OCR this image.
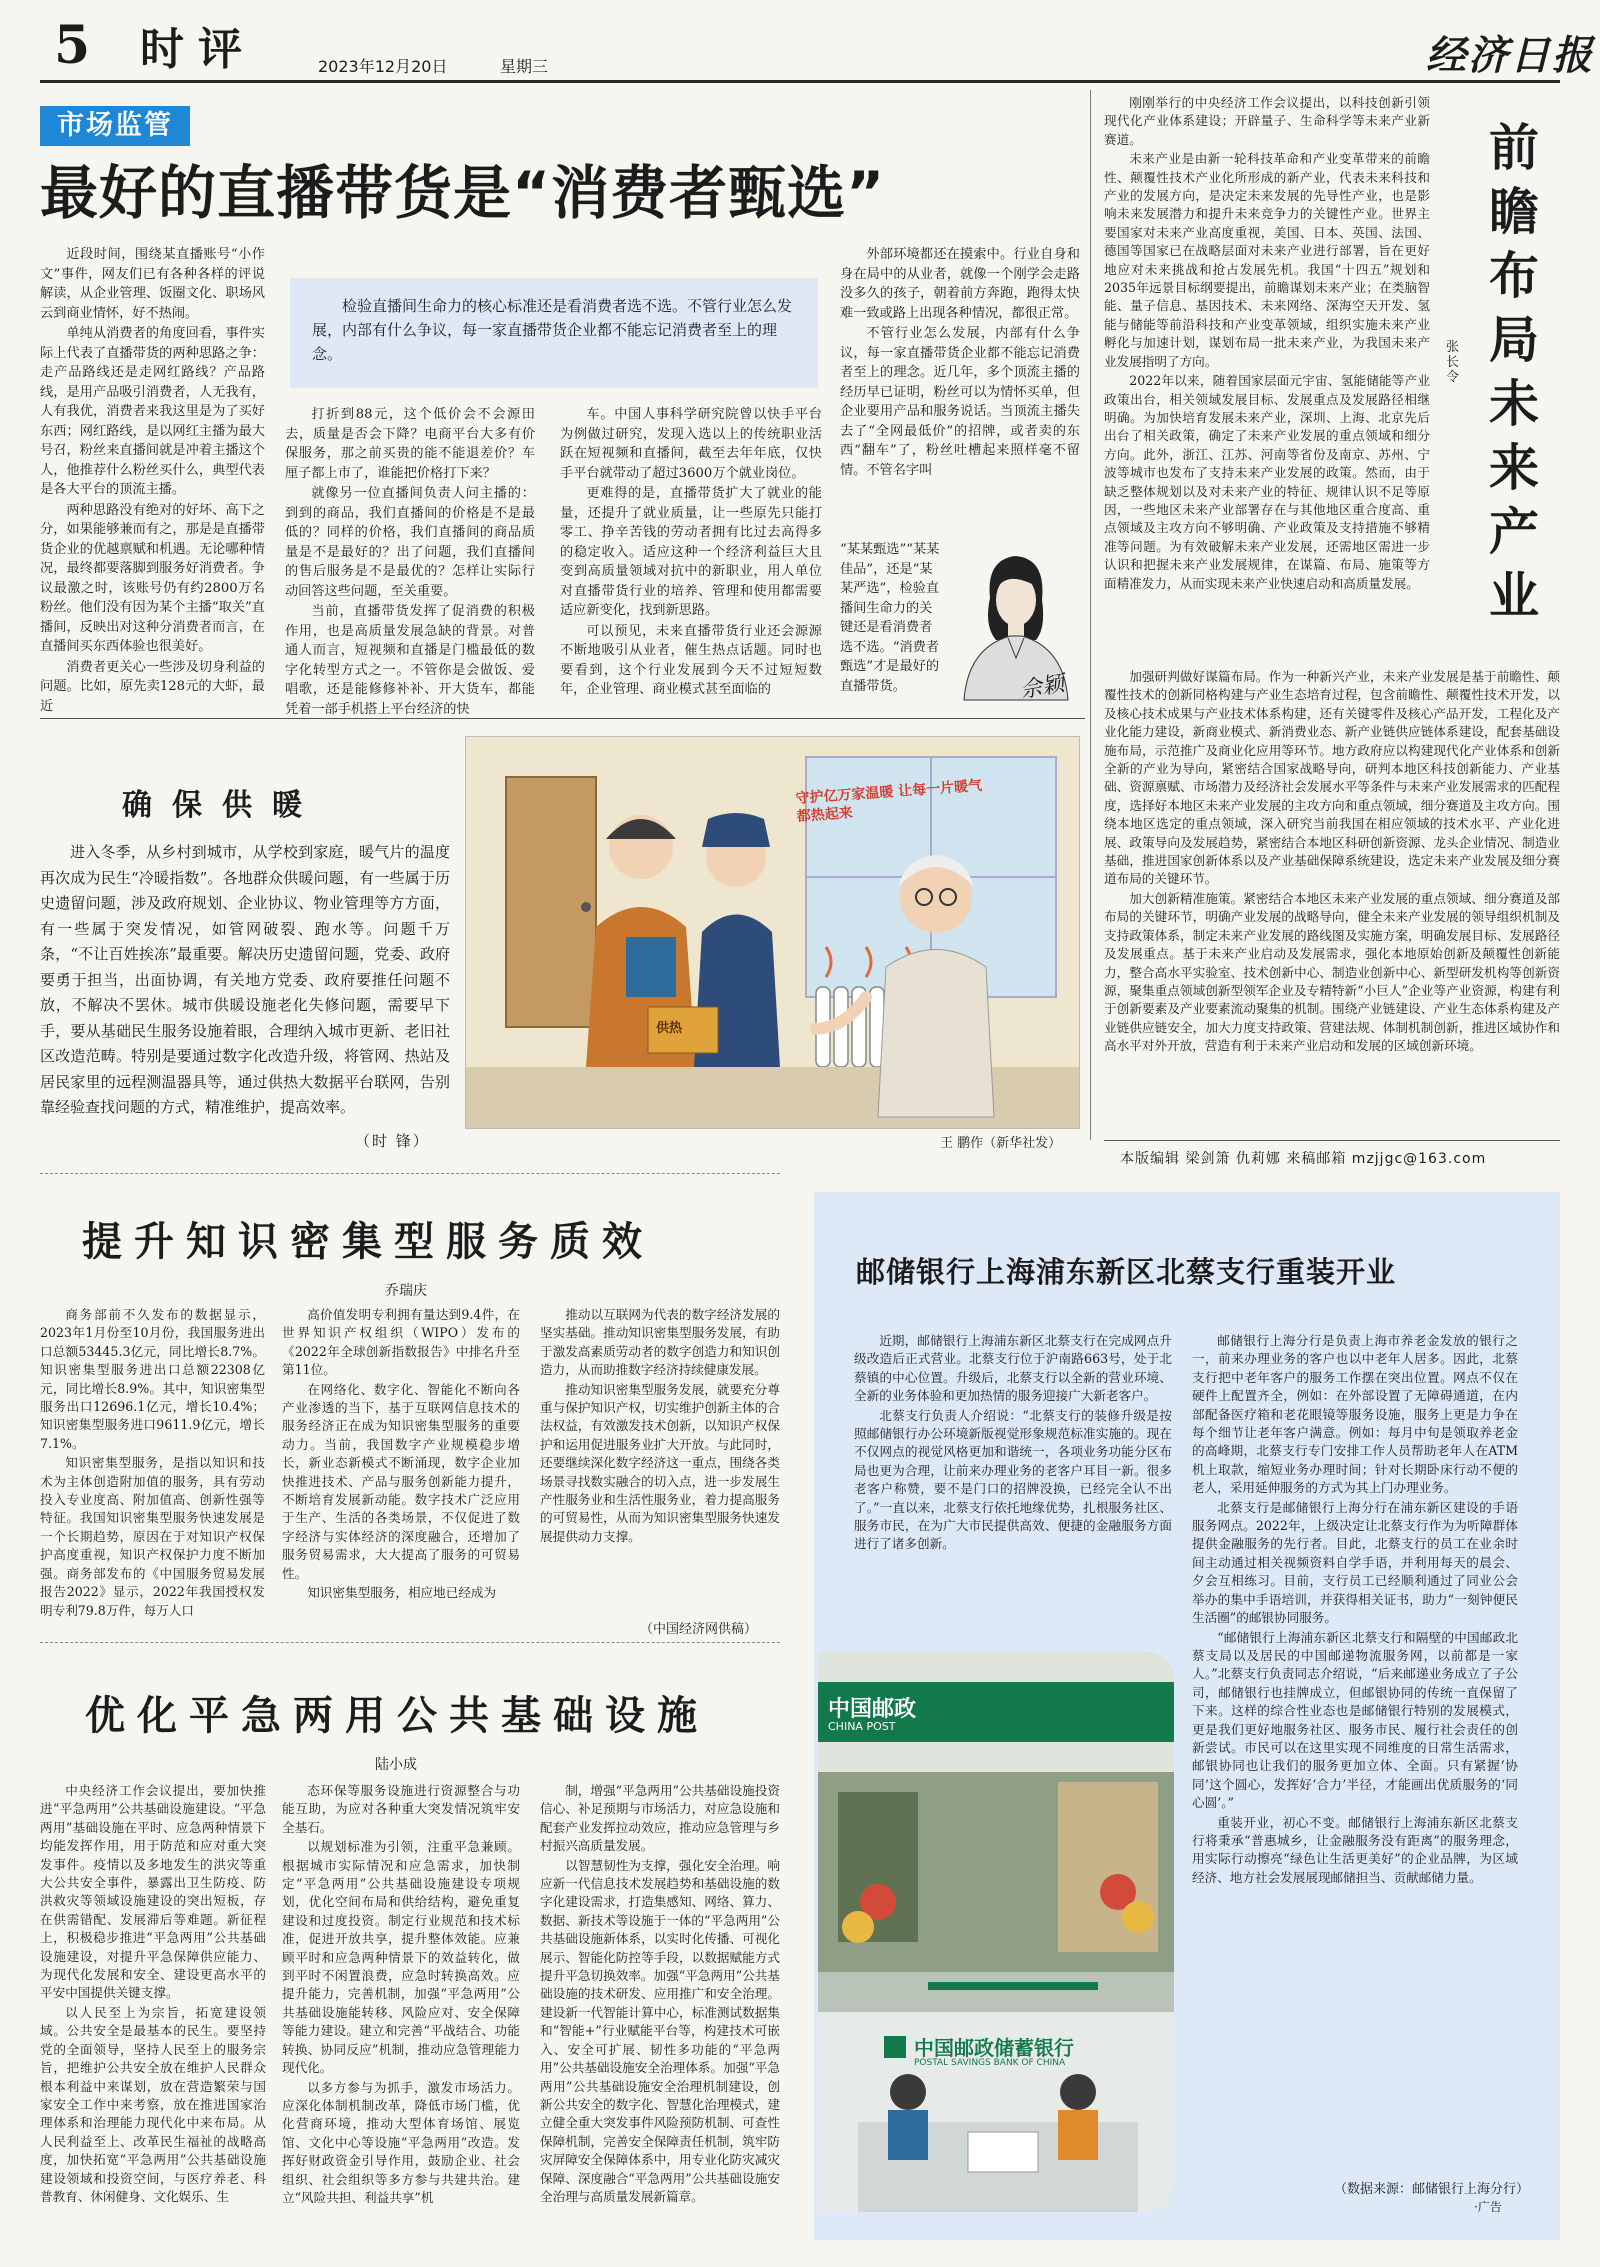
5 时评	2023年12月20日	星期三	经济日报
市场监管
最好的直播带货是“消费者甄选”
检验直播间生命力的核心标准还是看消费者选不选。不管行业怎么发展，内部有什么争议，每一家直播带货企业都不能忘记消费者至上的理念。

近段时间，围绕某直播账号“小作文”事件，网友们已有各种各样的评说解读，从企业管理、饭圈文化、职场风云到商业情怀，好不热闹。

单纯从消费者的角度回看，事件实际上代表了直播带货的两种思路之争：走产品路线还是走网红路线？产品路线，是用产品吸引消费者，人无我有，人有我优，消费者来我这里是为了买好东西；网红路线，是以网红主播为最大号召，粉丝来直播间就是冲着主播这个人，他推荐什么粉丝买什么，典型代表是各大平台的顶流主播。

两种思路没有绝对的好坏、高下之分，如果能够兼而有之，那是是直播带货企业的优越禀赋和机遇。无论哪种情况，最终都要落脚到服务好消费者。争议最激之时，该账号仍有约2800万名粉丝。他们没有因为某个主播“取关”直播间，反映出对这种分消费者而言，在直播间买东西体验也很美好。

消费者更关心一些涉及切身利益的问题。比如，原先卖128元的大虾，最近

打折到88元，这个低价会不会源田去，质量是否会下降？电商平台大多有价保服务，那之前买贵的能不能退差价？车厘子都上市了，谁能把价格打下来？

就像另一位直播间负责人问主播的：到到的商品，我们直播间的价格是不是最低的？同样的价格，我们直播间的商品质量是不是最好的？出了问题，我们直播间的售后服务是不是最优的？怎样让实际行动回答这些问题，至关重要。

当前，直播带货发挥了促消费的积极作用，也是高质量发展急缺的背景。对普通人而言，短视频和直播是门槛最低的数字化转型方式之一。不管你是会做饭、爱唱歌，还是能修修补补、开大货车，都能凭着一部手机搭上平台经济的快

车。中国人事科学研究院曾以快手平台为例做过研究，发现入选以上的传统职业活跃在短视频和直播间，截至去年年底，仅快手平台就带动了超过3600万个就业岗位。

更难得的是，直播带货扩大了就业的能量，还提升了就业质量，让一些原先只能打零工、挣辛苦钱的劳动者拥有比过去高得多的稳定收入。适应这种一个经济利益巨大且变到高质量领域对抗中的新职业，用人单位对直播带货行业的培养、管理和使用都需要适应新变化，找到新思路。

可以预见，未来直播带货行业还会源源不断地吸引从业者，催生热点话题。同时也要看到，这个行业发展到今天不过短短数年，企业管理、商业模式甚至面临的

外部环境都还在摸索中。行业自身和身在局中的从业者，就像一个刚学会走路没多久的孩子，朝着前方奔跑，跑得太快难一致或路上出现各种情况，都很正常。

不管行业怎么发展，内部有什么争议，每一家直播带货企业都不能忘记消费者至上的理念。近几年，多个顶流主播的经历早已证明，粉丝可以为情怀买单，但企业要用产品和服务说话。当顶流主播失去了“全网最低价”的招牌，或者卖的东西“翻车”了，粉丝吐槽起来照样毫不留情。不管名字叫

“某某甄选”“某某佳品”，还是“某某严选”，检验直播间生命力的关键还是看消费者选不选。“消费者甄选”才是最好的直播带货。	佘颖
确保供暖

进入冬季，从乡村到城市，从学校到家庭，暖气片的温度再次成为民生“冷暖指数”。各地群众供暖问题，有一些属于历史遗留问题，涉及政府规划、企业协议、物业管理等方方面，有一些属于突发情况，如管网破裂、跑水等。问题千万条，“不让百姓挨冻”最重要。解决历史遗留问题，党委、政府要勇于担当，出面协调，有关地方党委、政府要推任问题不放，不解决不罢休。城市供暖设施老化失修问题，需要早下手，要从基础民生服务设施着眼，合理纳入城市更新、老旧社区改造范畴。特别是要通过数字化改造升级，将管网、热站及居民家里的远程测温器具等，通过供热大数据平台联网，告别靠经验查找问题的方式，精准维护，提高效率。

（时 锋）
守护亿万家温暖 让每一片暖气都热起来
供热
王 鹏作（新华社发）

刚刚举行的中央经济工作会议提出，以科技创新引领现代化产业体系建设；开辟量子、生命科学等未来产业新赛道。

未来产业是由新一轮科技革命和产业变革带来的前瞻性、颠覆性技术产业化所形成的新产业，代表未来科技和产业的发展方向，是决定未来发展的先导性产业，也是影响未来发展潜力和提升未来竞争力的关键性产业。世界主要国家对未来产业高度重视，美国、日本、英国、法国、德国等国家已在战略层面对未来产业进行部署，旨在更好地应对未来挑战和抢占发展先机。我国“十四五”规划和2035年远景目标纲要提出，前瞻谋划未来产业；在类脑智能、量子信息、基因技术、未来网络、深海空天开发、氢能与储能等前沿科技和产业变革领域，组织实施未来产业孵化与加速计划，谋划布局一批未来产业，为我国未来产业发展指明了方向。

2022年以来，随着国家层面元宇宙、氢能储能等产业政策出台，相关领域发展目标、发展重点及发展路径相继明确。为加快培育发展未来产业，深圳、上海、北京先后出台了相关政策，确定了未来产业发展的重点领域和细分方向。此外，浙江、江苏、河南等省份及南京、苏州、宁波等城市也发布了支持未来产业发展的政策。然而，由于缺乏整体规划以及对未来产业的特征、规律认识不足等原因，一些地区未来产业部署存在与其他地区重合度高、重点领域及主攻方向不够明确、产业政策及支持措施不够精准等问题。为有效破解未来产业发展，还需地区需进一步认识和把握未来产业发展规律，在谋篇、布局、施策等方面精准发力，从而实现未来产业快速启动和高质量发展。

前瞻布局未来产业
张长令

加强研判做好谋篇布局。作为一种新兴产业，未来产业发展是基于前瞻性、颠覆性技术的创新同格构建与产业生态培育过程，包含前瞻性、颠覆性技术开发，以及核心技术成果与产业技术体系构建，还有关键零件及核心产品开发，工程化及产业化能力建设，新商业模式、新消费业态、新产业链供应链体系建设，配套基础设施布局，示范推广及商业化应用等环节。地方政府应以构建现代化产业体系和创新全新的产业为导向，紧密结合国家战略导向，研判本地区科技创新能力、产业基础、资源禀赋、市场潜力及经济社会发展水平等条件与未来产业发展需求的匹配程度，选择好本地区未来产业发展的主攻方向和重点领域，细分赛道及主攻方向。围绕本地区选定的重点领域，深入研究当前我国在相应领域的技术水平、产业化进展、政策导向及发展趋势，紧密结合本地区科研创新资源、龙头企业情况、制造业基础，推进国家创新体系以及产业基础保障系统建设，选定未来产业发展及细分赛道布局的关键环节。

加大创新精准施策。紧密结合本地区未来产业发展的重点领域、细分赛道及部布局的关键环节，明确产业发展的战略导向，健全未来产业发展的领导组织机制及支持政策体系，制定未来产业发展的路线图及实施方案，明确发展目标、发展路径及发展重点。基于未来产业启动及发展需求，强化本地原始创新及颠覆性创新能力，整合高水平实验室、技术创新中心、制造业创新中心、新型研发机构等创新资源，聚集重点领域创新型领军企业及专精特新“小巨人”企业等产业资源，构建有利于创新要素及产业要素流动聚集的机制。围绕产业链建设、产业生态体系构建及产业链供应链安全，加大力度支持政策、营建法规、体制机制创新，推进区域协作和高水平对外开放，营造有利于未来产业启动和发展的区域创新环境。

本版编辑 梁剑箫 仇莉娜 来稿邮箱 mzjjgc@163.com
提升知识密集型服务质效
乔瑞庆

商务部前不久发布的数据显示，2023年1月份至10月份，我国服务进出口总额53445.3亿元，同比增长8.7%。知识密集型服务进出口总额22308亿元，同比增长8.9%。其中，知识密集型服务出口12696.1亿元，增长10.4%；知识密集型服务进口9611.9亿元，增长7.1%。

知识密集型服务，是指以知识和技术为主体创造附加值的服务，具有劳动投入专业度高、附加值高、创新性强等特征。我国知识密集型服务快速发展是一个长期趋势，原因在于对知识产权保护高度重视，知识产权保护力度不断加强。商务部发布的《中国服务贸易发展报告2022》显示，2022年我国授权发明专利79.8万件，每万人口

高价值发明专利拥有量达到9.4件，在世界知识产权组织（WIPO）发布的《2022年全球创新指数报告》中排名升至第11位。

在网络化、数字化、智能化不断向各产业渗透的当下，基于互联网信息技术的服务经济正在成为知识密集型服务的重要动力。当前，我国数字产业规模稳步增长，新业态新模式不断涌现，数字企业加快推进技术、产品与服务创新能力提升，不断培育发展新动能。数字技术广泛应用于生产、生活的各类场景，不仅促进了数字经济与实体经济的深度融合，还增加了服务贸易需求，大大提高了服务的可贸易性。

知识密集型服务，相应地已经成为

推动以互联网为代表的数字经济发展的坚实基础。推动知识密集型服务发展，有助于激发高素质劳动者的数字创造力和知识创造力，从而助推数字经济持续健康发展。

推动知识密集型服务发展，就要充分尊重与保护知识产权，切实维护创新主体的合法权益，有效激发技术创新，以知识产权保护和运用促进服务业扩大开放。与此同时，还要继续深化数字经济这一重点，围绕各类场景寻找数实融合的切入点，进一步发展生产性服务业和生活性服务业，着力提高服务的可贸易性，从而为知识密集型服务快速发展提供动力支撑。

（中国经济网供稿）
优化平急两用公共基础设施
陆小成

中央经济工作会议提出，要加快推进“平急两用”公共基础设施建设。“平急两用”基础设施在平时、应急两种情景下均能发挥作用，用于防范和应对重大突发事件。疫情以及多地发生的洪灾等重大公共安全事件，暴露出卫生防疫、防洪救灾等领域设施建设的突出短板，存在供需错配、发展滞后等难题。新征程上，积极稳步推进“平急两用”公共基础设施建设，对提升平急保障供应能力、为现代化发展和安全、建设更高水平的平安中国提供关键支撑。

以人民至上为宗旨，拓宽建设领域。公共安全是最基本的民生。要坚持党的全面领导，坚持人民至上的服务宗旨，把维护公共安全放在维护人民群众根本利益中来谋划，放在营造繁荣与国家安全工作中来考察，放在推进国家治理体系和治理能力现代化中来布局。从人民利益至上、改革民生福祉的战略高度，加快拓宽“平急两用”公共基础设施建设领域和投资空间，与医疗养老、科普教育、休闲健身、文化娱乐、生

态环保等服务设施进行资源整合与功能互助，为应对各种重大突发情况筑牢安全基石。

以规划标准为引领，注重平急兼顾。根据城市实际情况和应急需求，加快制定“平急两用”公共基础设施建设专项规划，优化空间布局和供给结构，避免重复建设和过度投资。制定行业规范和技术标准，促进开放共享，提升整体效能。应兼顾平时和应急两种情景下的效益转化，做到平时不闲置浪费，应急时转换高效。应提升能力，完善机制，加强“平急两用”公共基础设施能转移、风险应对、安全保障等能力建设。建立和完善“平战结合、功能转换、协同反应”机制，推动应急管理能力现代化。

以多方参与为抓手，激发市场活力。应深化体制机制改革，降低市场门槛，优化营商环境，推动大型体育场馆、展览馆、文化中心等设施“平急两用”改造。发挥好财政资金引导作用，鼓励企业、社会组织、社会组织等多方参与共建共治。建立“风险共担、利益共享”机

制，增强“平急两用”公共基础设施投资信心、补足预期与市场活力，对应急设施和配套产业发挥拉动效应，推动应急管理与乡村振兴高质量发展。

以智慧韧性为支撑，强化安全治理。响应新一代信息技术发展趋势和基础设施的数字化建设需求，打造集感知、网络、算力、数据、新技术等设施于一体的“平急两用”公共基础设施新体系，以实时化传播、可视化展示、智能化防控等手段，以数据赋能方式提升平急切换效率。加强“平急两用”公共基础设施的技术研发、应用推广和安全治理。建设新一代智能计算中心，标准测试数据集和“智能+”行业赋能平台等，构建技术可嵌入、安全可扩展、韧性多功能的“平急两用”公共基础设施安全治理体系。加强“平急两用”公共基础设施安全治理机制建设，创新公共安全的数字化、智慧化治理模式，建立健全重大突发事件风险预防机制、可查性保障机制，完善安全保障责任机制，筑牢防灾屏障安全保障体系中，用专业化防灾减灾保障、深度融合“平急两用”公共基础设施安全治理与高质量发展新篇章。

邮储银行上海浦东新区北蔡支行重装开业

近期，邮储银行上海浦东新区北蔡支行在完成网点升级改造后正式营业。北蔡支行位于沪南路663号，处于北蔡镇的中心位置。升级后，北蔡支行以全新的营业环境、全新的业务体验和更加热情的服务迎接广大新老客户。

北蔡支行负责人介绍说：“北蔡支行的装修升级是按照邮储银行办公环境新版视觉形象规范标准实施的。现在不仅网点的视觉风格更加和谐统一，各项业务功能分区布局也更为合理，让前来办理业务的老客户耳目一新。很多老客户称赞，要不是门口的招牌没换，已经完全认不出了。”一直以来，北蔡支行依托地缘优势，扎根服务社区、服务市民，在为广大市民提供高效、便捷的金融服务方面进行了诸多创新。

邮储银行上海分行是负责上海市养老金发放的银行之一，前来办理业务的客户也以中老年人居多。因此，北蔡支行把中老年客户的服务工作摆在突出位置。网点不仅在硬件上配置齐全，例如：在外部设置了无障碍通道，在内部配备医疗箱和老花眼镜等服务设施，服务上更是力争在每个细节让老年客户满意。例如：每月中旬是领取养老金的高峰期，北蔡支行专门安排工作人员帮助老年人在ATM机上取款，缩短业务办理时间；针对长期卧床行动不便的老人，采用延伸服务的方式为其上门办理业务。

北蔡支行是邮储银行上海分行在浦东新区建设的手语服务网点。2022年，上级决定让北蔡支行作为为听障群体提供金融服务的先行者。目此，北蔡支行的员工在业余时间主动通过相关视频资料自学手语，并利用每天的晨会、夕会互相练习。目前，支行员工已经顺利通过了同业公会举办的集中手语培训，并获得相关证书，助力“一刻钟便民生活圈”的邮银协同服务。

“邮储银行上海浦东新区北蔡支行和隔壁的中国邮政北蔡支局以及居民的中国邮递物流服务网，以前都是一家人。”北蔡支行负责同志介绍说，“后来邮递业务成立了子公司，邮储银行也挂牌成立，但邮银协同的传统一直保留了下来。这样的综合性业态也是邮储银行特别的发展模式，更是我们更好地服务社区、服务市民、履行社会责任的创新尝试。市民可以在这里实现不同维度的日常生活需求，邮银协同也让我们的服务更加立体、全面。只有紧握‘协同’这个圆心，发挥好‘合力’半径，才能画出优质服务的‘同心圆’。”

重装开业，初心不变。邮储银行上海浦东新区北蔡支行将秉承“普惠城乡，让金融服务没有距离”的服务理念，用实际行动擦亮“绿色让生活更美好”的企业品牌，为区域经济、地方社会发展展现邮储担当、贡献邮储力量。

（数据来源：邮储银行上海分行）
·广告
中国邮政
CHINA POST
中国邮政储蓄银行
POSTAL SAVINGS BANK OF CHINA
